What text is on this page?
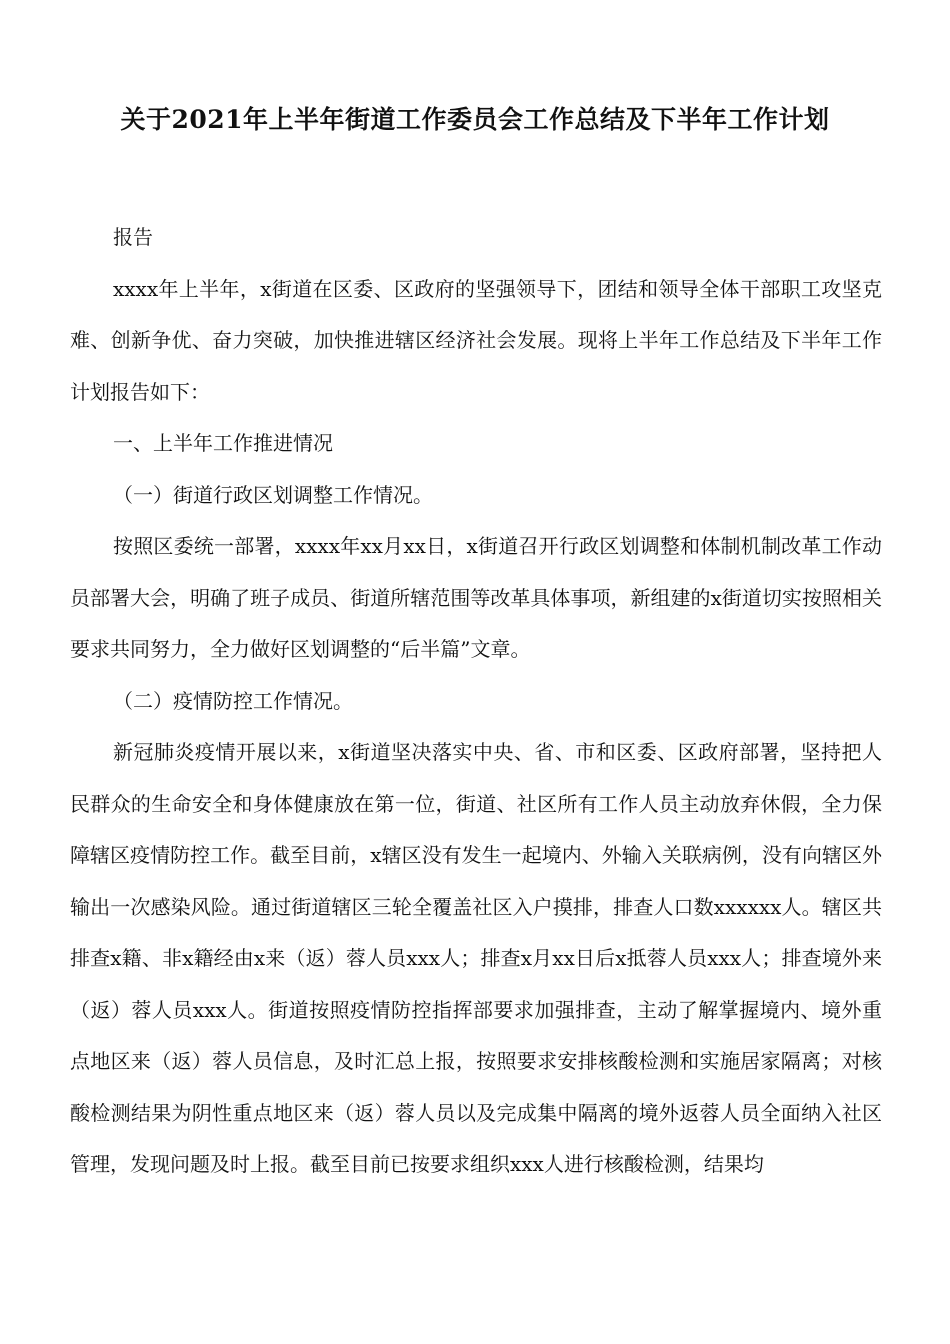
关于2021年上半年街道工作委员会工作总结及下半年工作计划

报告

xxxx年上半年，x街道在区委、区政府的坚强领导下，团结和领导全体干部职工攻坚克难、创新争优、奋力突破，加快推进辖区经济社会发展。现将上半年工作总结及下半年工作计划报告如下：

一、上半年工作推进情况

（一）街道行政区划调整工作情况。

按照区委统一部署，xxxx年xx月xx日，x街道召开行政区划调整和体制机制改革工作动员部署大会，明确了班子成员、街道所辖范围等改革具体事项，新组建的x街道切实按照相关要求共同努力，全力做好区划调整的“后半篇”文章。

（二）疫情防控工作情况。

新冠肺炎疫情开展以来，x街道坚决落实中央、省、市和区委、区政府部署，坚持把人民群众的生命安全和身体健康放在第一位，街道、社区所有工作人员主动放弃休假，全力保障辖区疫情防控工作。截至目前，x辖区没有发生一起境内、外输入关联病例，没有向辖区外输出一次感染风险。通过街道辖区三轮全覆盖社区入户摸排，排查人口数xxxxxx人。辖区共排查x籍、非x籍经由x来（返）蓉人员xxx人；排查x月xx日后x抵蓉人员xxx人；排查境外来（返）蓉人员xxx人。街道按照疫情防控指挥部要求加强排查，主动了解掌握境内、境外重点地区来（返）蓉人员信息，及时汇总上报，按照要求安排核酸检测和实施居家隔离；对核酸检测结果为阴性重点地区来（返）蓉人员以及完成集中隔离的境外返蓉人员全面纳入社区管理，发现问题及时上报。截至目前已按要求组织xxx人进行核酸检测，结果均
